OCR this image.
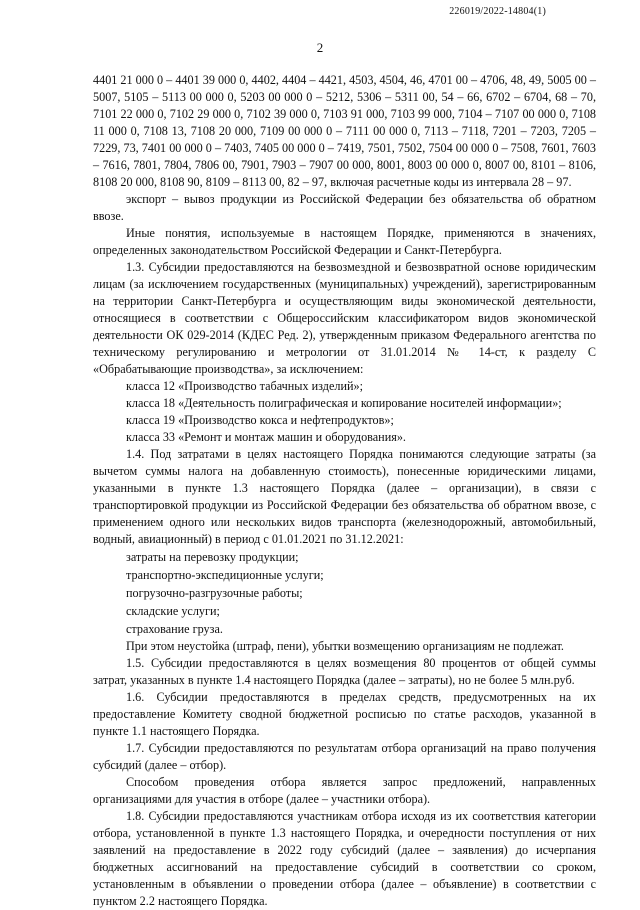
226019/2022-14804(1)
2

4401 21 000 0 – 4401 39 000 0, 4402, 4404 – 4421, 4503, 4504, 46, 4701 00 – 4706, 48, 49, 5005 00 – 5007, 5105 – 5113 00 000 0, 5203 00 000 0 – 5212, 5306 – 5311 00, 54 – 66, 6702 – 6704, 68 – 70, 7101 22 000 0, 7102 29 000 0, 7102 39 000 0, 7103 91 000, 7103 99 000, 7104 – 7107 00 000 0, 7108 11 000 0, 7108 13, 7108 20 000, 7109 00 000 0 – 7111 00 000 0, 7113 – 7118, 7201 – 7203, 7205 – 7229, 73, 7401 00 000 0 – 7403, 7405 00 000 0 – 7419, 7501, 7502, 7504 00 000 0 – 7508, 7601, 7603 – 7616, 7801, 7804, 7806 00, 7901, 7903 – 7907 00 000, 8001, 8003 00 000 0, 8007 00, 8101 – 8106, 8108 20 000, 8108 90, 8109 – 8113 00, 82 – 97, включая расчетные коды из интервала 28 – 97.

экспорт – вывоз продукции из Российской Федерации без обязательства об обратном ввозе.

Иные понятия, используемые в настоящем Порядке, применяются в значениях, определенных законодательством Российской Федерации и Санкт-Петербурга.

1.3. Субсидии предоставляются на безвозмездной и безвозвратной основе юридическим лицам (за исключением государственных (муниципальных) учреждений), зарегистрированным на территории Санкт-Петербурга и осуществляющим виды экономической деятельности, относящиеся в соответствии с Общероссийским классификатором видов экономической деятельности ОК 029-2014 (КДЕС Ред. 2), утвержденным приказом Федерального агентства по техническому регулированию и метрологии от 31.01.2014 № 14-ст, к разделу С «Обрабатывающие производства», за исключением:

класса 12 «Производство табачных изделий»;

класса 18 «Деятельность полиграфическая и копирование носителей информации»;

класса 19 «Производство кокса и нефтепродуктов»;

класса 33 «Ремонт и монтаж машин и оборудования».

1.4. Под затратами в целях настоящего Порядка понимаются следующие затраты (за вычетом суммы налога на добавленную стоимость), понесенные юридическими лицами, указанными в пункте 1.3 настоящего Порядка (далее – организации), в связи с транспортировкой продукции из Российской Федерации без обязательства об обратном ввозе, с применением одного или нескольких видов транспорта (железнодорожный, автомобильный, водный, авиационный) в период с 01.01.2021 по 31.12.2021:

затраты на перевозку продукции;

транспортно-экспедиционные услуги;

погрузочно-разгрузочные работы;

складские услуги;

страхование груза.

При этом неустойка (штраф, пени), убытки возмещению организациям не подлежат.

1.5. Субсидии предоставляются в целях возмещения 80 процентов от общей суммы затрат, указанных в пункте 1.4 настоящего Порядка (далее – затраты), но не более 5 млн.руб.

1.6. Субсидии предоставляются в пределах средств, предусмотренных на их предоставление Комитету сводной бюджетной росписью по статье расходов, указанной в пункте 1.1 настоящего Порядка.

1.7. Субсидии предоставляются по результатам отбора организаций на право получения субсидий (далее – отбор).

Способом проведения отбора является запрос предложений, направленных организациями для участия в отборе (далее – участники отбора).

1.8. Субсидии предоставляются участникам отбора исходя из их соответствия категории отбора, установленной в пункте 1.3 настоящего Порядка, и очередности поступления от них заявлений на предоставление в 2022 году субсидий (далее – заявления) до исчерпания бюджетных ассигнований на предоставление субсидий в соответствии со сроком, установленным в объявлении о проведении отбора (далее – объявление) в соответствии с пунктом 2.2 настоящего Порядка.
